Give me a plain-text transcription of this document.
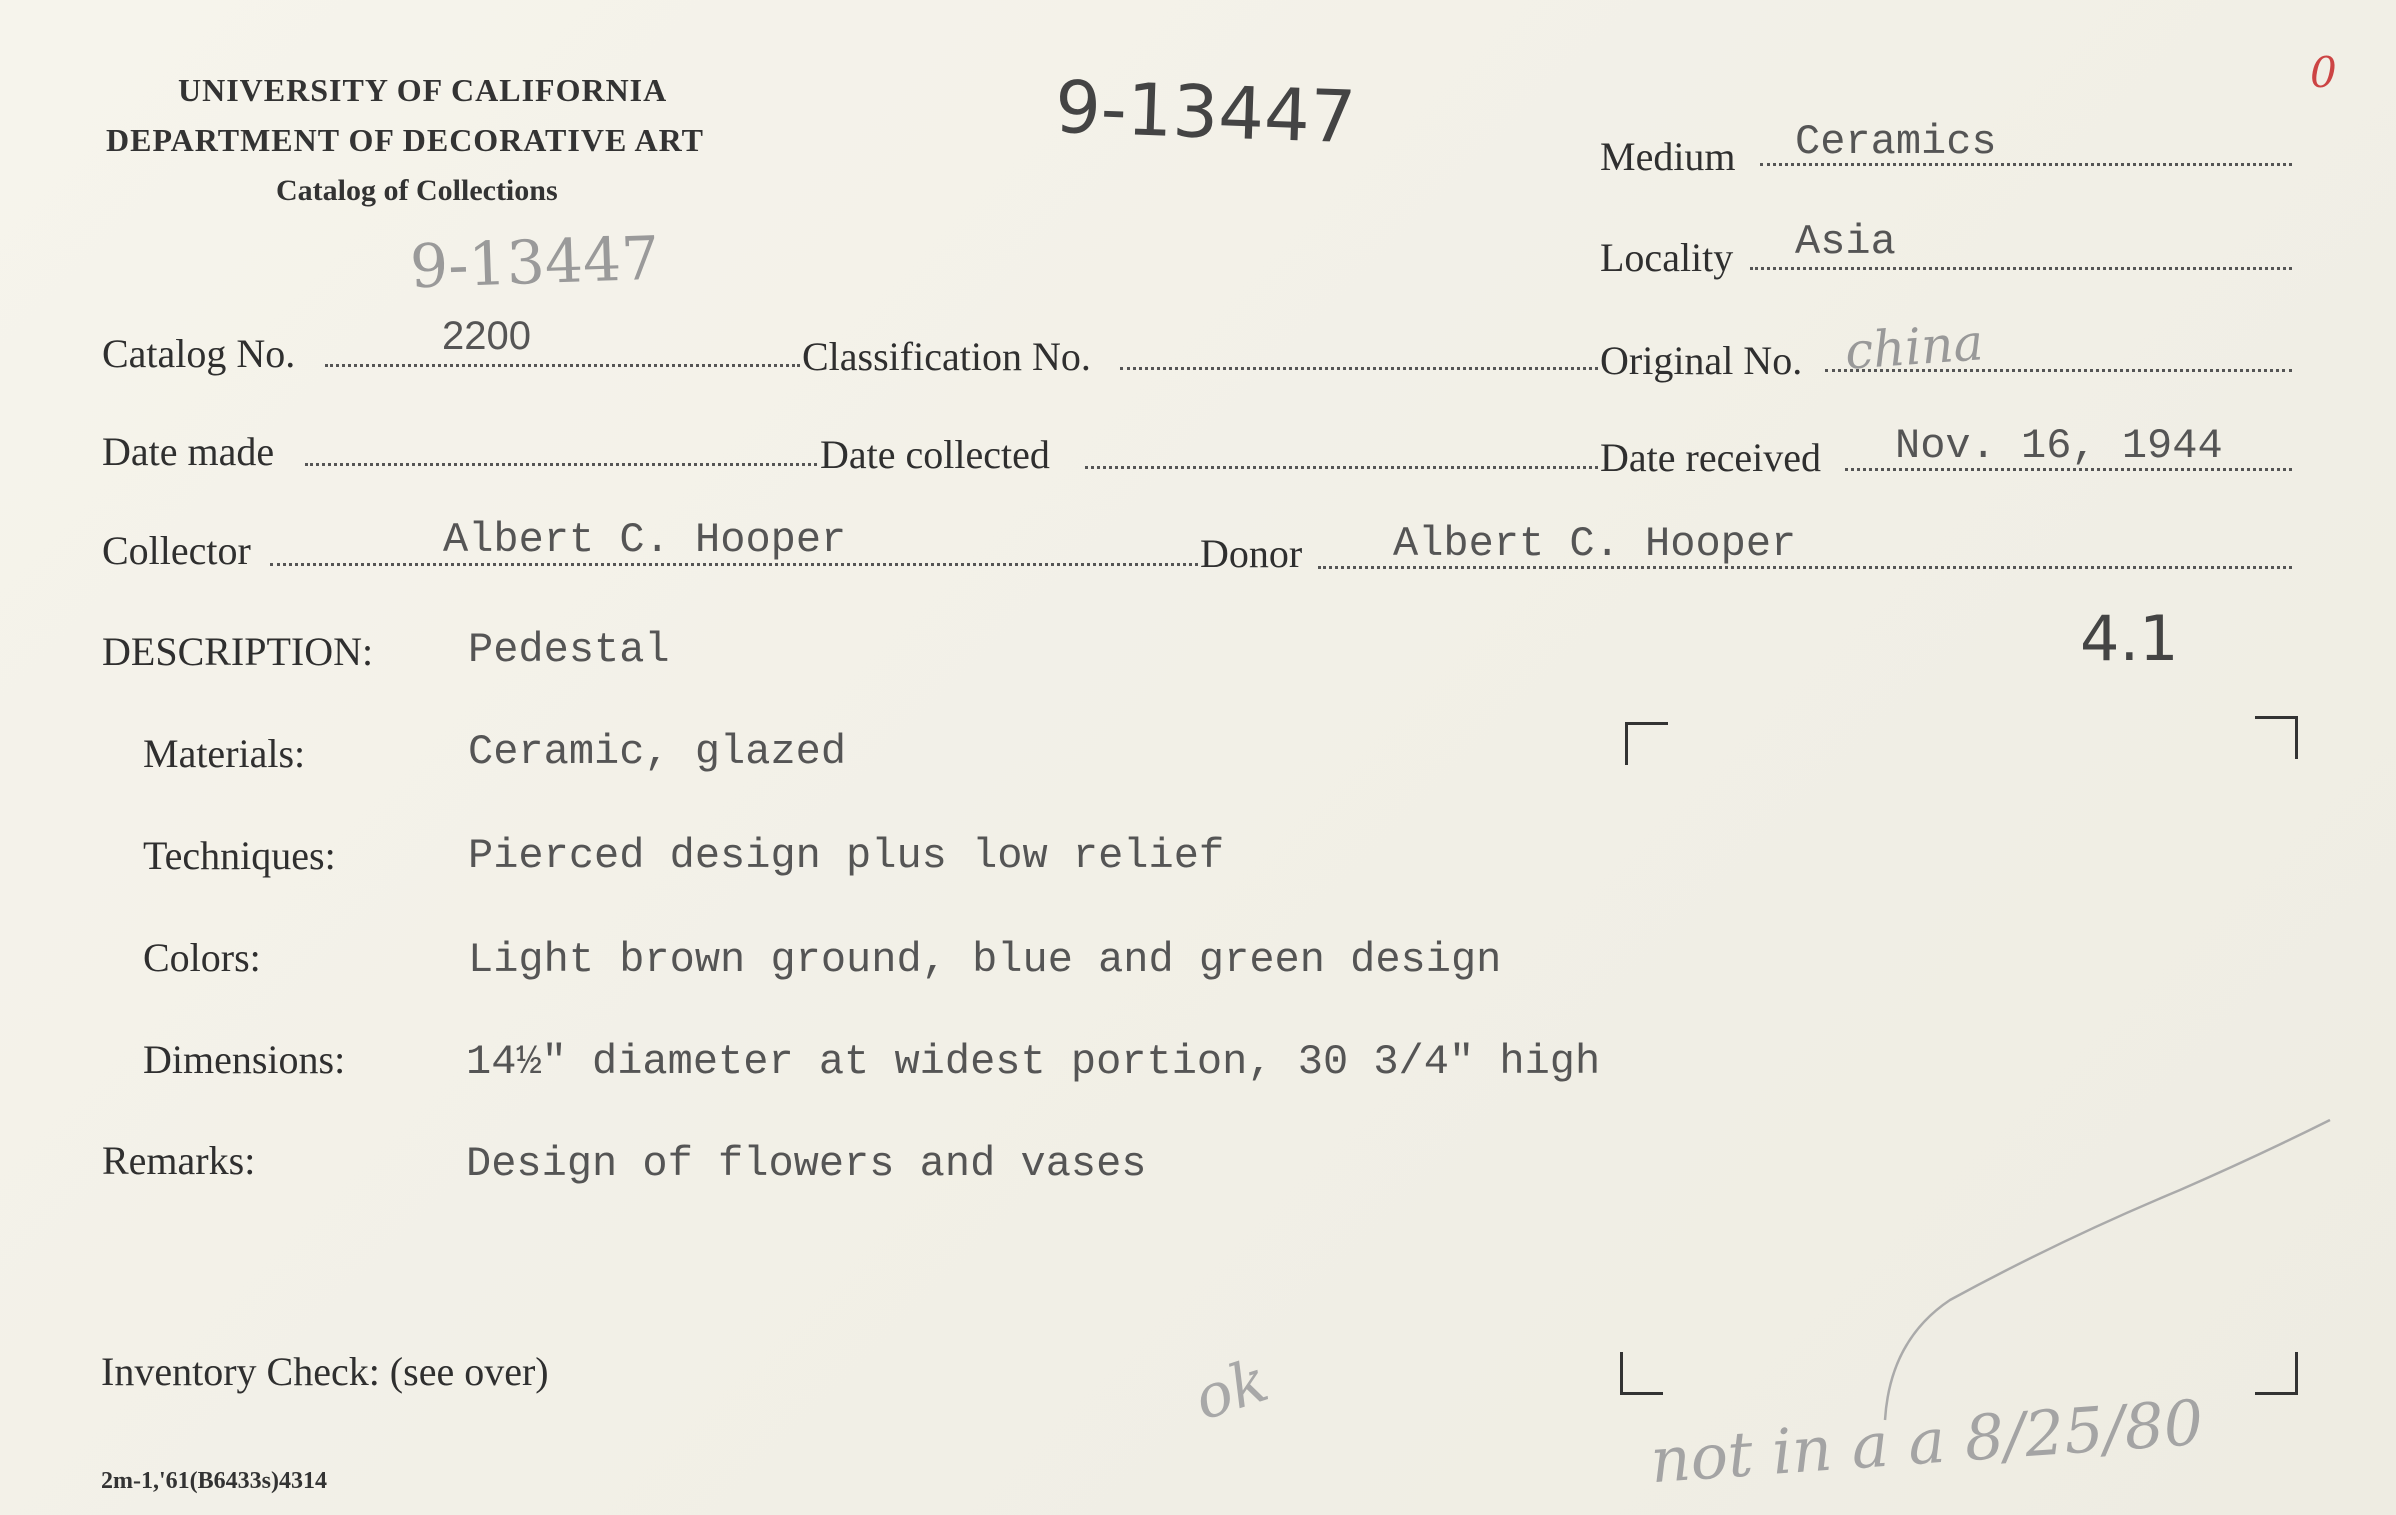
UNIVERSITY OF CALIFORNIA
DEPARTMENT OF DECORATIVE ART
Catalog of Collections
9-13447
9-13447
0
Medium Ceramics
Locality Asia
Catalog No.	2200	Classification No.	Original No. china
Date made	Date collected	Date received Nov. 16, 1944
Collector	Albert C. Hooper	Donor Albert C. Hooper
DESCRIPTION: Pedestal	4.1
Materials:	Ceramic, glazed
Techniques:	Pierced design plus low relief
Colors:	Light brown ground, blue and green design
Dimensions:	14½" diameter at widest portion, 30 3/4" high
Remarks:	Design of flowers and vases
Inventory Check: (see over)	ok	not in a a 8/25/80
2m-1,'61(B6433s)4314
